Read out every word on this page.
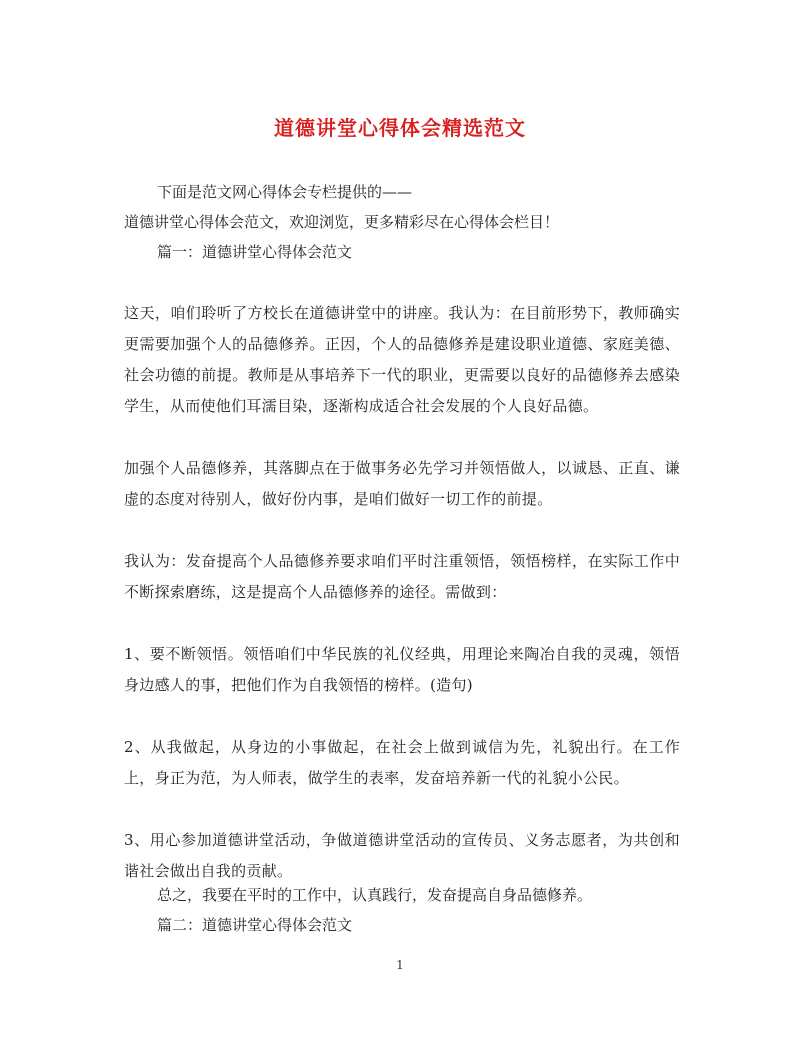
道德讲堂心得体会精选范文
下面是范文网心得体会专栏提供的——
道德讲堂心得体会范文，欢迎浏览，更多精彩尽在心得体会栏目！
篇一：道德讲堂心得体会范文
这天，咱们聆听了方校长在道德讲堂中的讲座。我认为：在目前形势下，教师确实更需要加强个人的品德修养。正因，个人的品德修养是建设职业道德、家庭美德、社会功德的前提。教师是从事培养下一代的职业，更需要以良好的品德修养去感染学生，从而使他们耳濡目染，逐渐构成适合社会发展的个人良好品德。
加强个人品德修养，其落脚点在于做事务必先学习并领悟做人，以诚恳、正直、谦虚的态度对待别人，做好份内事，是咱们做好一切工作的前提。
我认为：发奋提高个人品德修养要求咱们平时注重领悟，领悟榜样，在实际工作中不断探索磨练，这是提高个人品德修养的途径。需做到：
1、要不断领悟。领悟咱们中华民族的礼仪经典，用理论来陶冶自我的灵魂，领悟身边感人的事，把他们作为自我领悟的榜样。(造句)
2、从我做起，从身边的小事做起，在社会上做到诚信为先，礼貌出行。在工作上，身正为范，为人师表，做学生的表率，发奋培养新一代的礼貌小公民。
3、用心参加道德讲堂活动，争做道德讲堂活动的宣传员、义务志愿者，为共创和谐社会做出自我的贡献。
总之，我要在平时的工作中，认真践行，发奋提高自身品德修养。
篇二：道德讲堂心得体会范文
1
